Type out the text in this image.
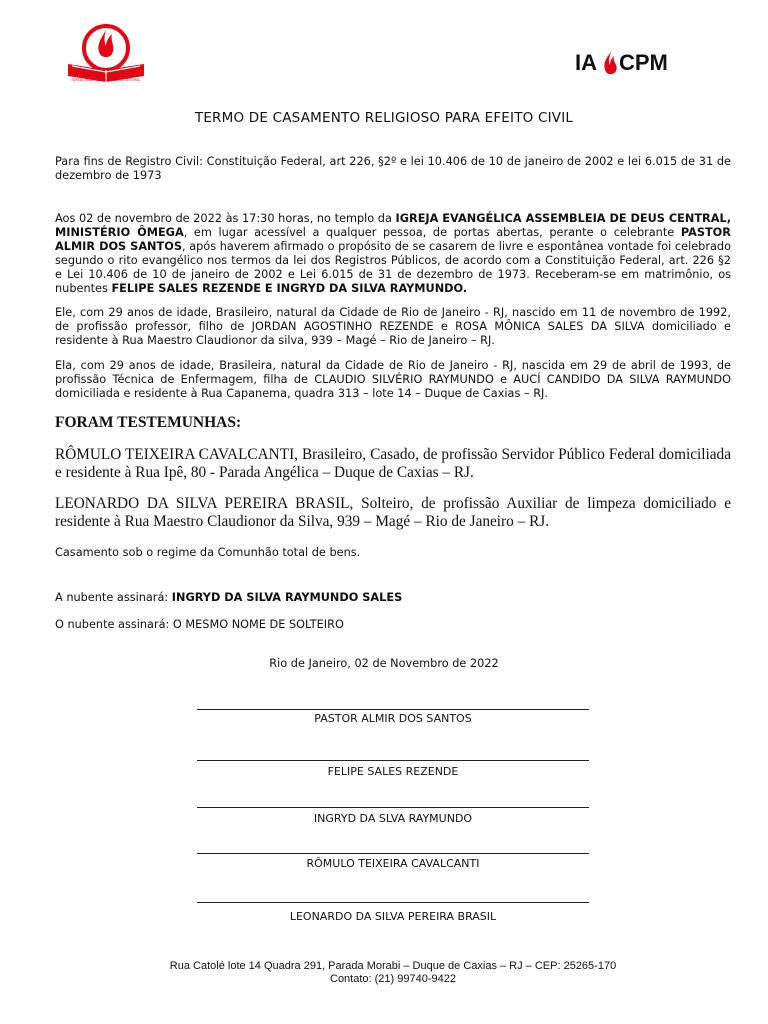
IGREJA ASSEMBLEIA DE DEUS CENTRAL
IA CPM
TERMO DE CASAMENTO RELIGIOSO PARA EFEITO CIVIL
Para fins de Registro Civil: Constituição Federal, art 226, §2º e lei 10.406 de 10 de janeiro de 2002 e lei 6.015 de 31 de dezembro de 1973
Aos 02 de novembro de 2022 às 17:30 horas, no templo da IGREJA EVANGÉLICA ASSEMBLEIA DE DEUS CENTRAL, MINISTÉRIO ÔMEGA, em lugar acessível a qualquer pessoa, de portas abertas, perante o celebrante PASTOR ALMIR DOS SANTOS, após haverem afirmado o propósito de se casarem de livre e espontânea vontade foi celebrado segundo o rito evangélico nos termos da lei dos Registros Públicos, de acordo com a Constituição Federal, art. 226 §2 e Lei 10.406 de 10 de janeiro de 2002 e Lei 6.015 de 31 de dezembro de 1973. Receberam-se em matrimônio, os nubentes FELIPE SALES REZENDE E INGRYD DA SILVA RAYMUNDO.
Ele, com 29 anos de idade, Brasileiro, natural da Cidade de Rio de Janeiro - RJ, nascido em 11 de novembro de 1992, de profissão professor, filho de JORDAN AGOSTINHO REZENDE e ROSA MÔNICA SALES DA SILVA domiciliado e residente à Rua Maestro Claudionor da silva, 939 – Magé – Rio de Janeiro – RJ.
Ela, com 29 anos de idade, Brasileira, natural da Cidade de Rio de Janeiro - RJ, nascida em 29 de abril de 1993, de profissão Técnica de Enfermagem, filha de CLAUDIO SILVÉRIO RAYMUNDO e AUCÍ CANDIDO DA SILVA RAYMUNDO domiciliada e residente à Rua Capanema, quadra 313 – lote 14 – Duque de Caxias – RJ.
FORAM TESTEMUNHAS:
RÔMULO TEIXEIRA CAVALCANTI, Brasileiro, Casado, de profissão Servidor Público Federal domiciliada e residente à Rua Ipê, 80 - Parada Angélica – Duque de Caxias – RJ.
LEONARDO DA SILVA PEREIRA BRASIL, Solteiro, de profissão Auxiliar de limpeza domiciliado e residente à Rua Maestro Claudionor da Silva, 939 – Magé – Rio de Janeiro – RJ.
Casamento sob o regime da Comunhão total de bens.
A nubente assinará: INGRYD DA SILVA RAYMUNDO SALES
O nubente assinará: O MESMO NOME DE SOLTEIRO
Rio de Janeiro, 02 de Novembro de 2022
PASTOR ALMIR DOS SANTOS
FELIPE SALES REZENDE
INGRYD DA SLVA RAYMUNDO
RÔMULO TEIXEIRA CAVALCANTI
LEONARDO DA SILVA PEREIRA BRASIL
Rua Catolé lote 14 Quadra 291, Parada Morabi – Duque de Caxias – RJ – CEP: 25265-170
Contato: (21) 99740-9422
